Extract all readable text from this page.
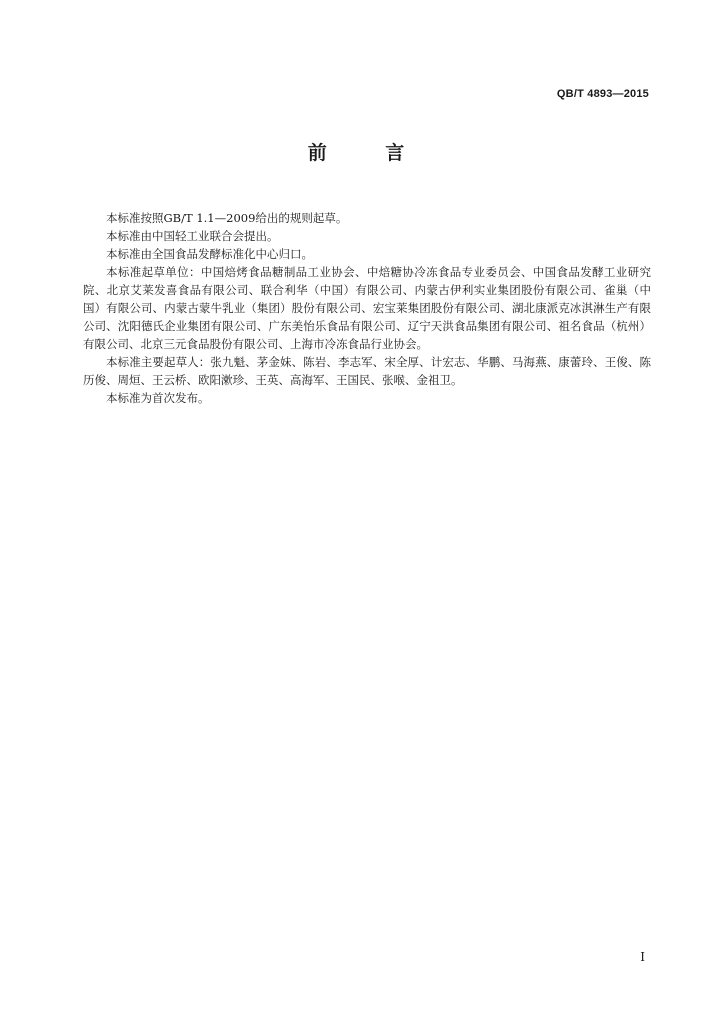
QB/T 4893—2015
前 言

本标准按照GB/T 1.1—2009给出的规则起草。

本标准由中国轻工业联合会提出。

本标准由全国食品发酵标准化中心归口。

本标准起草单位：中国焙烤食品糖制品工业协会、中焙糖协冷冻食品专业委员会、中国食品发酵工业研究院、北京艾莱发喜食品有限公司、联合利华（中国）有限公司、内蒙古伊利实业集团股份有限公司、雀巢（中国）有限公司、内蒙古蒙牛乳业（集团）股份有限公司、宏宝莱集团股份有限公司、湖北康派克冰淇淋生产有限公司、沈阳德氏企业集团有限公司、广东美怡乐食品有限公司、辽宁天洪食品集团有限公司、祖名食品（杭州）有限公司、北京三元食品股份有限公司、上海市冷冻食品行业协会。

本标准主要起草人：张九魁、茅金妹、陈岩、李志军、宋全厚、计宏志、华鹏、马海燕、康蕾玲、王俊、陈历俊、周烜、王云桥、欧阳漱珍、王英、高海军、王国民、张喉、金祖卫。

本标准为首次发布。

I
